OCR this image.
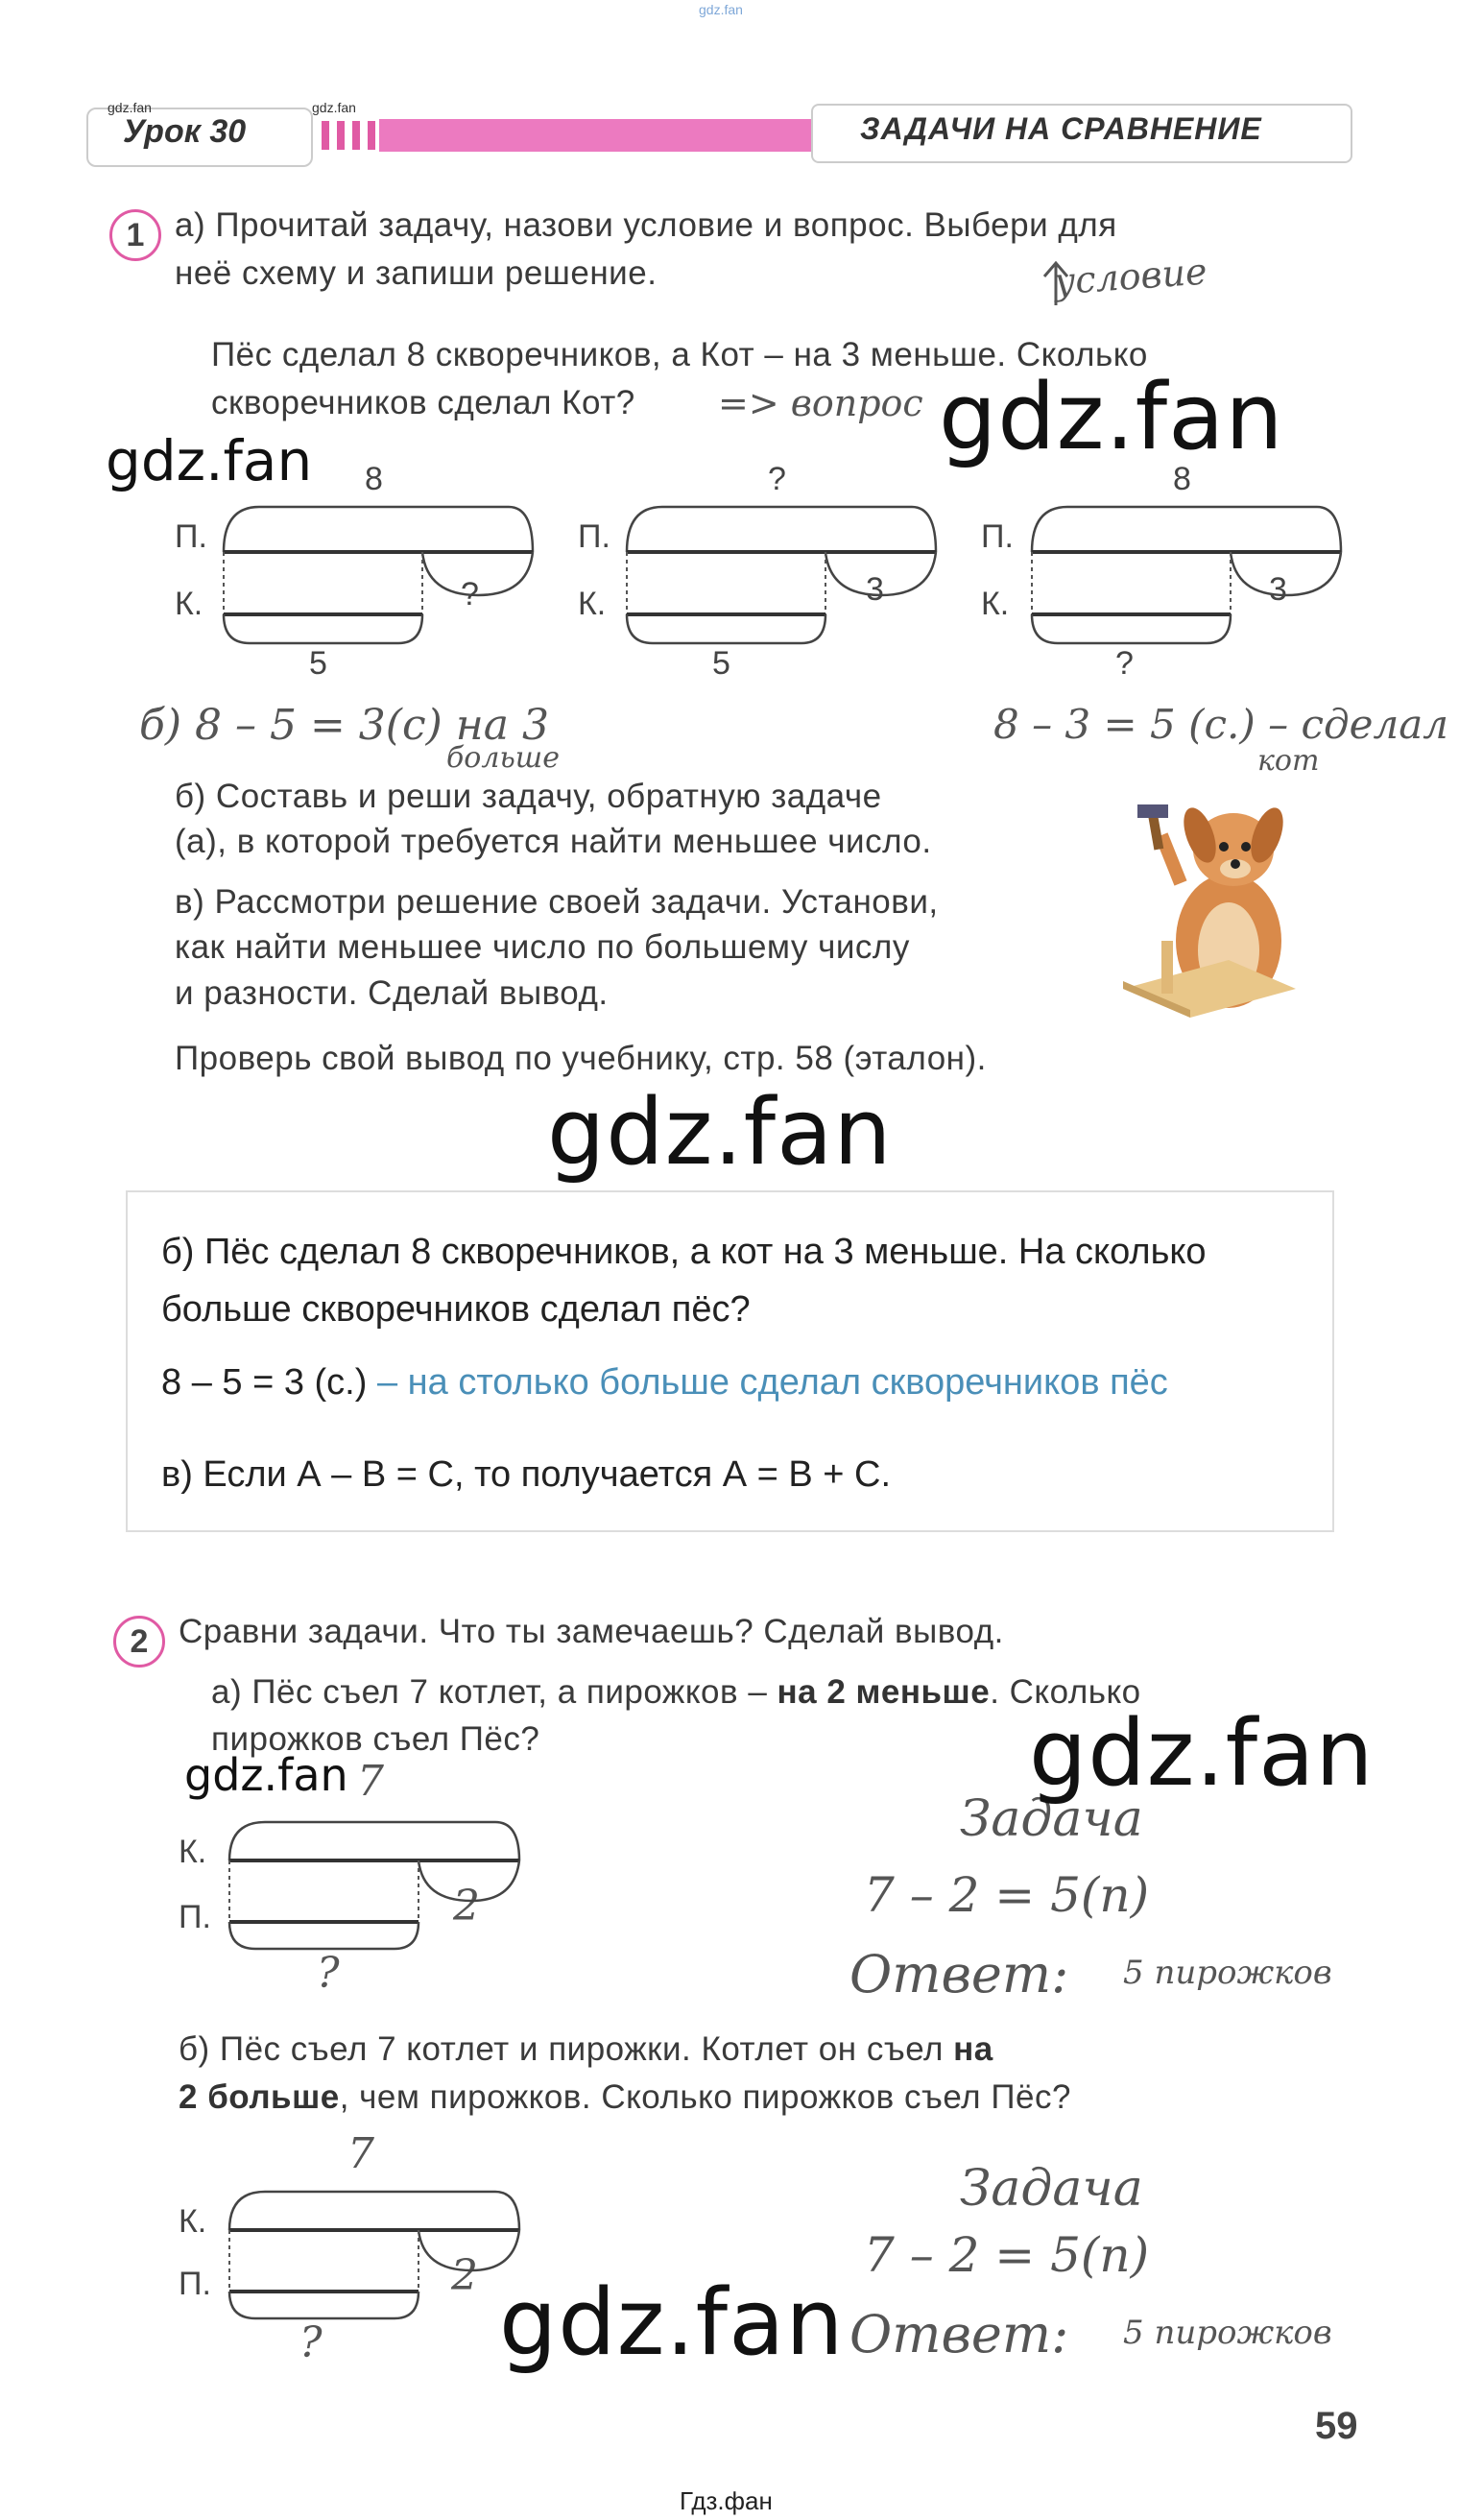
gdz.fan
gdz.fan
Урок 30
gdz.fan
ЗАДАЧИ НА СРАВНЕНИЕ
1 а) Прочитай задачу, назови условие и вопрос. Выбери для
неё схему и запиши решение.	условие
Пёс сделал 8 скворечников, а Кот – на 3 меньше. Сколько
скворечников сделал Кот? => вопрос
8
П.
К.	?
5
?
П.
К.	3
5
8
П.
К.	3
?
б) 8 – 5 = 3(с) на 3
больше
8 – 3 = 5 (с.) – сделал
кот
б) Составь и реши задачу, обратную задаче
(а), в которой требуется найти меньшее число.
в) Рассмотри решение своей задачи. Установи,
как найти меньшее число по большему числу
и разности. Сделай вывод.
Проверь свой вывод по учебнику, стр. 58 (эталон).
б) Пёс сделал 8 скворечников, а кот на 3 меньше. На сколько
больше скворечников сделал пёс?
8 – 5 = 3 (с.) – на столько больше сделал скворечников пёс
в) Если А – В = С, то получается А = В + С.
2 Сравни задачи. Что ты замечаешь? Сделай вывод.
а) Пёс съел 7 котлет, а пирожков – на 2 меньше. Сколько
пирожков съел Пёс?
7
К.
П.	2
?
Задача
7 – 2 = 5(п)
Ответ: 5 пирожков
б) Пёс съел 7 котлет и пирожки. Котлет он съел на
2 больше, чем пирожков. Сколько пирожков съел Пёс?
7
К.
П.	2
?
Задача
7 – 2 = 5(п)
Ответ: 5 пирожков
gdz.fan
gdz.fan
gdz.fan
gdz.fan
gdz.fan
gdz.fan
59
Гдз.фан
